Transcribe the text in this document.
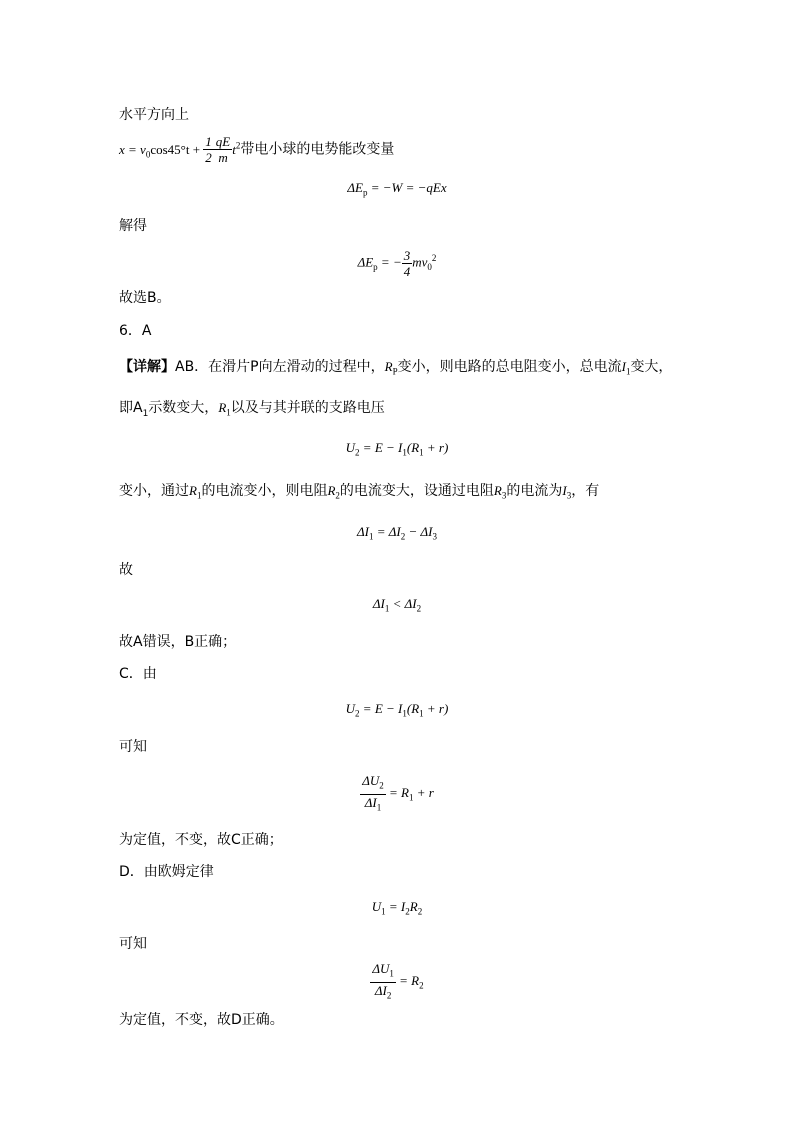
水平方向上
$x = v_0\cos 45^\circ t + \frac{1}{2} \frac{qE}{m} t^2$带电小球的电势能改变量
$\Delta E_p = -W = -qEx$
解得
$\Delta E_p$ = − $\frac{3}{4} mv_0^2$
故选B。
6．A
【详解】AB．在滑片P向左滑动的过程中，$R_P$变小，则电路的总电阻变小，总电流$I_1$变大，
即$A_1$示数变大，$R_1$以及与其并联的支路电压
$U_2 = E - I_1(R_1 + r)$
变小，通过$R_1$的电流变小，则电阻$R_2$的电流变大，设通过电阻$R_3$的电流为$I_3$，有
$\Delta I_1 = \Delta I_2 - \Delta I_3$
故
$\Delta I_1 < \Delta I_2$
故A错误，B正确；
C．由
$U_2 = E - I_1(R_1 + r)$
可知
$\frac{\Delta U_2}{\Delta I_1} = R_1 + r$
为定值，不变，故C正确；
D．由欧姆定律
$U_1 = I_2R_2$
可知
$\frac{\Delta U_1}{\Delta I_2} = R_2$
为定值，不变，故D正确。
